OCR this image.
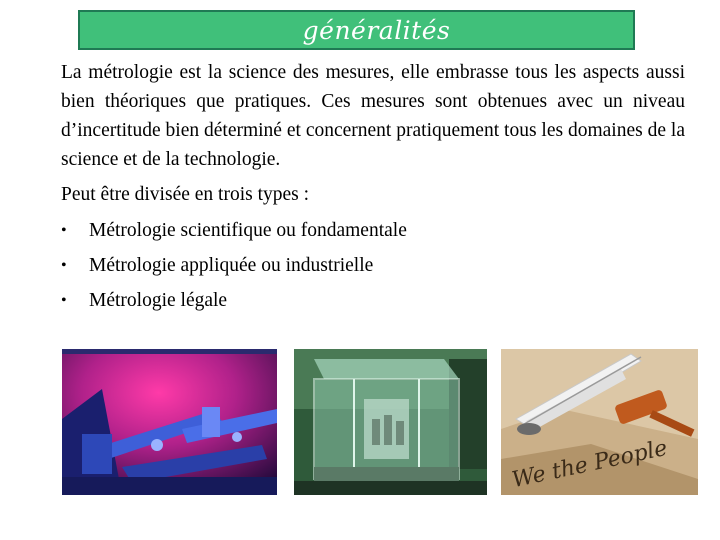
généralités

La métrologie est la science des mesures, elle embrasse tous les aspects aussi bien théoriques que pratiques. Ces mesures sont obtenues avec un niveau d’incertitude bien déterminé et concernent pratiquement tous les domaines de la science et de la technologie.

Peut être divisée en trois types :

•	Métrologie scientifique ou fondamentale
•	Métrologie appliquée ou industrielle
•	Métrologie légale
We the People
